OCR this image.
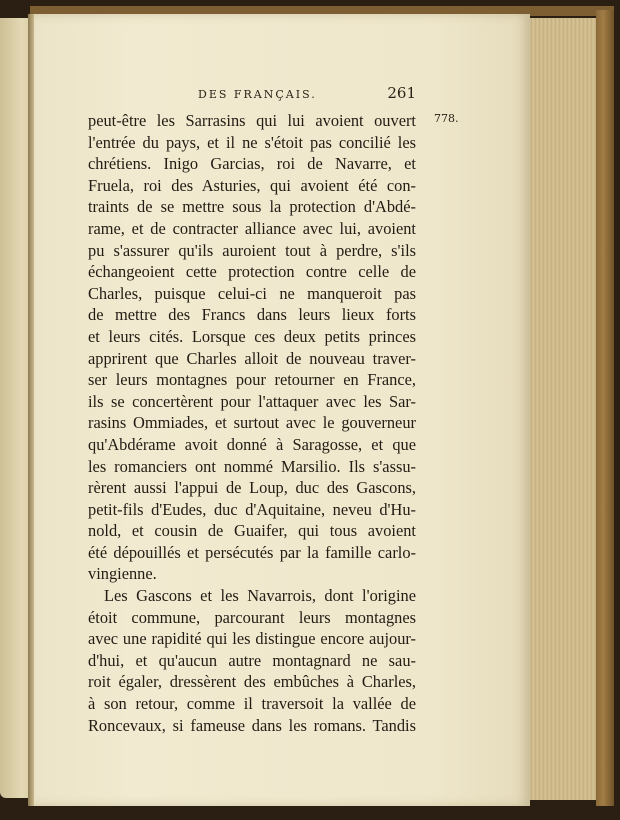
DES FRANÇAIS.	261
778.
peut-être les Sarrasins qui lui avoient ouvert
l'entrée du pays, et il ne s'étoit pas concilié les
chrétiens. Inigo Garcias, roi de Navarre, et
Fruela, roi des Asturies, qui avoient été con-
traints de se mettre sous la protection d'Abdé-
rame, et de contracter alliance avec lui, avoient
pu s'assurer qu'ils auroient tout à perdre, s'ils
échangeoient cette protection contre celle de
Charles, puisque celui-ci ne manqueroit pas
de mettre des Francs dans leurs lieux forts
et leurs cités. Lorsque ces deux petits princes
apprirent que Charles alloit de nouveau traver-
ser leurs montagnes pour retourner en France,
ils se concertèrent pour l'attaquer avec les Sar-
rasins Ommiades, et surtout avec le gouverneur
qu'Abdérame avoit donné à Saragosse, et que
les romanciers ont nommé Marsilio. Ils s'assu-
rèrent aussi l'appui de Loup, duc des Gascons,
petit-fils d'Eudes, duc d'Aquitaine, neveu d'Hu-
nold, et cousin de Guaifer, qui tous avoient
été dépouillés et persécutés par la famille carlo-
vingienne.
Les Gascons et les Navarrois, dont l'origine
étoit commune, parcourant leurs montagnes
avec une rapidité qui les distingue encore aujour-
d'hui, et qu'aucun autre montagnard ne sau-
roit égaler, dressèrent des embûches à Charles,
à son retour, comme il traversoit la vallée de
Roncevaux, si fameuse dans les romans. Tandis
